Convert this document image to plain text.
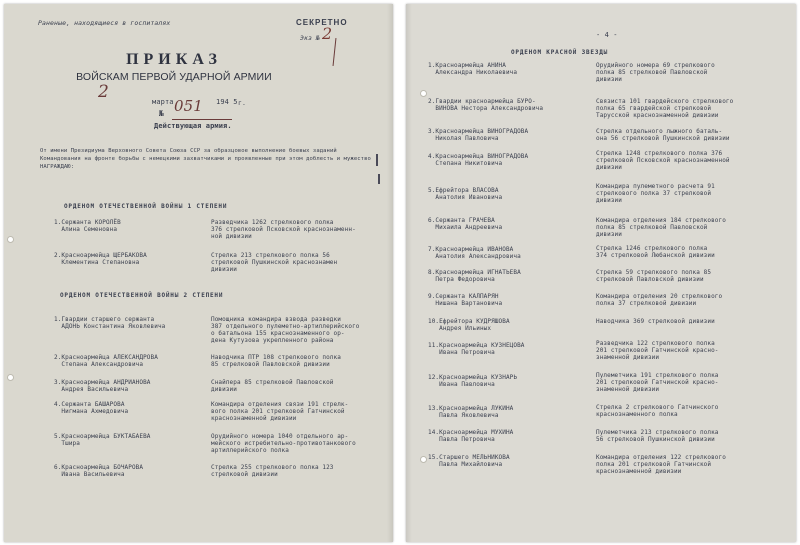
Раненые, находящиеся в госпиталях	СЕКРЕТНО
Экз № 2
ПРИКАЗ
ВОЙСКАМ ПЕРВОЙ УДАРНОЙ АРМИИ
2	марта	194 5 г.
№ 051
Действующая армия.
От имени Президиума Верховного Совета Союза ССР за образцовое выполнение боевых заданий
Командования на фронте борьбы с немецкими захватчиками и проявленные при этом доблесть и мужество
НАГРАЖДАЮ:
ОРДЕНОМ ОТЕЧЕСТВЕННОЙ ВОЙНЫ 1 СТЕПЕНИ
1.Сержанта КОРОЛЁВ
Алина Семеновна
Разведчика 1262 стрелкового полка
376 стрелковой Псковской краснознаменн-
ной дивизии
2.Красноармейца ЩЕРБАКОВА
Клементина Степановна
Стрелка 213 стрелкового полка 56
стрелковой Пушкинской краснознамен
дивизии
ОРДЕНОМ ОТЕЧЕСТВЕННОЙ ВОЙНЫ 2 СТЕПЕНИ
1.Гвардии старшего сержанта
АДОНЬ Константина Яковлевича
Помощника командира взвода разведки
387 отдельного пулеметно-артиллерийского
о батальона 155 краснознаменного ор-
дена Кутузова укрепленного района
2.Красноармейца АЛЕКСАНДРОВА
Степана Александровича
Наводчика ПТР 108 стрелкового полка
85 стрелковой Павловской дивизии
3.Красноармейца АНДРИАНОВА
Андрея Васильевича
Снайпера 85 стрелковой Павловской
дивизии
4.Сержанта БАШАРОВА
Нигмана Ахмедовича
Командира отделения связи 191 стрелк-
вого полка 201 стрелковой Гатчинской
краснознаменной дивизии
5.Красноармейца БУКТАБАЕВА
Тшира
Орудийного номера 1040 отдельного ар-
мейского истребительно-противотанкового
артиллерийского полка
6.Красноармейца БОЧАРОВА
Ивана Васильевича
Стрелка 255 стрелкового полка 123
стрелковой дивизии
- 4 -
ОРДЕНОМ КРАСНОЙ ЗВЕЗДЫ
1.Красноармейца АНИНА
Александра Николаевича
Орудийного номера 69 стрелкового
полка 85 стрелковой Павловской
дивизии
2.Гвардии красноармейца БУРО-
ВИНОВА Нестора Александровича
Связиста 101 гвардейского стрелкового
полка 65 гвардейской стрелковой
Тарусской краснознаменной дивизии
3.Красноармейца ВИНОГРАДОВА
Николая Павловича
Стрелка отдельного лыжного баталь-
она 56 стрелковой Пушкинской дивизии
4.Красноармейца ВИНОГРАДОВА
Степана Никитовича
Стрелка 1248 стрелкового полка 376
стрелковой Псковской краснознаменной
дивизии
5.Ефрейтора ВЛАСОВА
Анатолия Ивановича
Командира пулеметного расчета 91
стрелкового полка 37 стрелковой
дивизии
6.Сержанта ГРАЧЕВА
Михаила Андреевича
Командира отделения 184 стрелкового
полка 85 стрелковой Павловской
дивизии
7.Красноармейца ИВАНОВА
Анатолия Александровича
Стрелка 1246 стрелкового полка
374 стрелковой Любанской дивизии
8.Красноармейца ИГНАТЬЕВА
Петра Федоровича
Стрелка 59 стрелкового полка 85
стрелковой Павловской дивизии
9.Сержанта КАЛПАРЯН
Нишана Вартановича
Командира отделения 20 стрелкового
полка 37 стрелковой дивизии
10.Ефрейтора КУДРЯШОВА
Андрея Ильиных
Наводчика 369 стрелковой дивизии
11.Красноармейца КУЗНЕЦОВА
Ивана Петровича
Разведчика 122 стрелкового полка
201 стрелковой Гатчинской красно-
знаменной дивизии
12.Красноармейца КУЗНАРЬ
Ивана Павловича
Пулеметчика 191 стрелкового полка
201 стрелковой Гатчинской красно-
знаменной дивизии
13.Красноармейца ЛУКИНА
Павла Яковлевича
Стрелка 2 стрелкового Гатчинского
краснознаменного полка
14.Красноармейца МУХИНА
Павла Петровича
Пулеметчика 213 стрелкового полка
56 стрелковой Пушкинской дивизии
15.Старшего МЕЛЬНИКОВА
Павла Михайловича
Командира отделения 122 стрелкового
полка 201 стрелковой Гатчинской
краснознаменной дивизии
